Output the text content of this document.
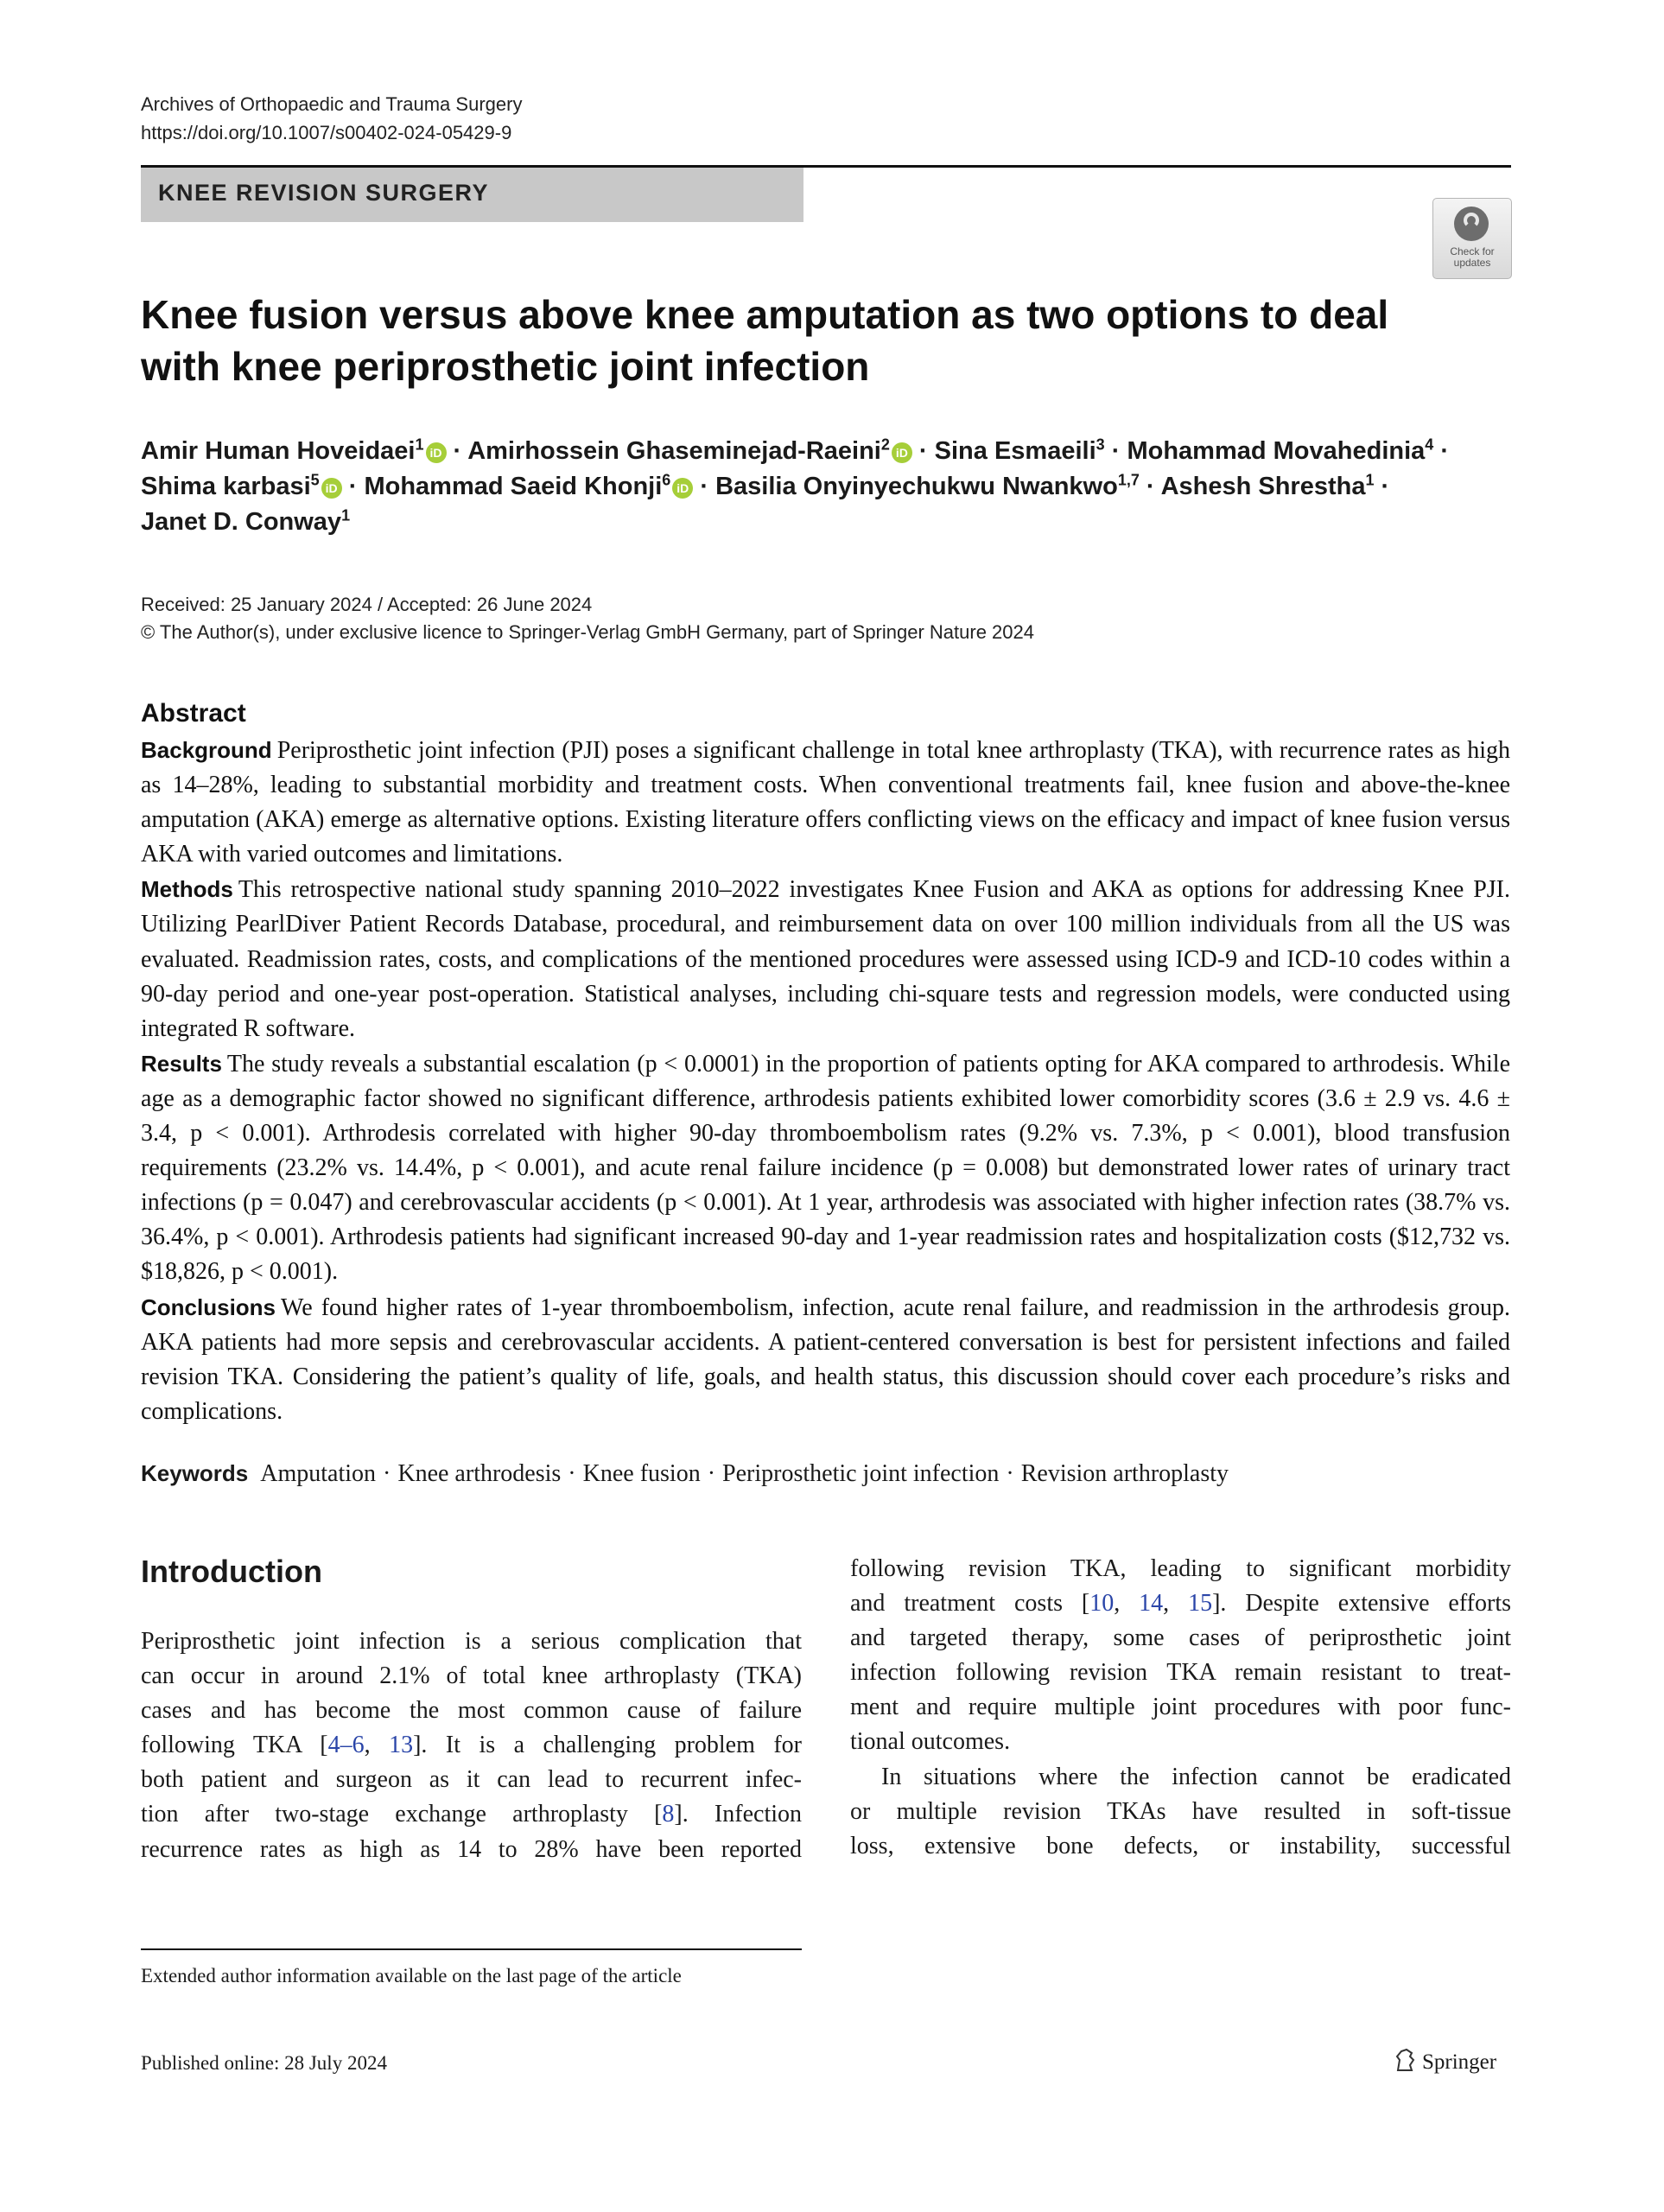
Archives of Orthopaedic and Trauma Surgery
https://doi.org/10.1007/s00402-024-05429-9
KNEE REVISION SURGERY
Check for
updates
Knee fusion versus above knee amputation as two options to deal
with knee periprosthetic joint infection
Amir Human Hoveidaei$^1$ iD · Amirhossein Ghaseminejad-Raeini$^2$ iD · Sina Esmaeili$^3$ · Mohammad Movahedinia$^4$ ·
Shima karbasi$^5$ iD · Mohammad Saeid Khonji$^6$ iD · Basilia Onyinyechukwu Nwankwo$^{1,7}$ · Ashesh Shrestha$^1$ ·
Janet D. Conway$^1$
Received: 25 January 2024 / Accepted: 26 June 2024
© The Author(s), under exclusive licence to Springer-Verlag GmbH Germany, part of Springer Nature 2024
Abstract

Background Periprosthetic joint infection (PJI) poses a significant challenge in total knee arthroplasty (TKA), with recurrence rates as high as 14–28%, leading to substantial morbidity and treatment costs. When conventional treatments fail, knee fusion and above-the-knee amputation (AKA) emerge as alternative options. Existing literature offers conflicting views on the efficacy and impact of knee fusion versus AKA with varied outcomes and limitations.

Methods This retrospective national study spanning 2010–2022 investigates Knee Fusion and AKA as options for addressing Knee PJI. Utilizing PearlDiver Patient Records Database, procedural, and reimbursement data on over 100 million individuals from all the US was evaluated. Readmission rates, costs, and complications of the mentioned procedures were assessed using ICD-9 and ICD-10 codes within a 90-day period and one-year post-operation. Statistical analyses, including chi-square tests and regression models, were conducted using integrated R software.

Results The study reveals a substantial escalation (p < 0.0001) in the proportion of patients opting for AKA compared to arthrodesis. While age as a demographic factor showed no significant difference, arthrodesis patients exhibited lower comorbidity scores (3.6 ± 2.9 vs. 4.6 ± 3.4, p < 0.001). Arthrodesis correlated with higher 90-day thromboembolism rates (9.2% vs. 7.3%, p < 0.001), blood transfusion requirements (23.2% vs. 14.4%, p < 0.001), and acute renal failure incidence (p = 0.008) but demonstrated lower rates of urinary tract infections (p = 0.047) and cerebrovascular accidents (p < 0.001). At 1 year, arthrodesis was associated with higher infection rates (38.7% vs. 36.4%, p < 0.001). Arthrodesis patients had significant increased 90-day and 1-year readmission rates and hospitalization costs ($12,732 vs. $18,826, p < 0.001).

Conclusions We found higher rates of 1-year thromboembolism, infection, acute renal failure, and readmission in the arthrodesis group. AKA patients had more sepsis and cerebrovascular accidents. A patient-centered conversation is best for persistent infections and failed revision TKA. Considering the patient’s quality of life, goals, and health status, this discussion should cover each procedure’s risks and complications.

Keywords Amputation · Knee arthrodesis · Knee fusion · Periprosthetic joint infection · Revision arthroplasty
Introduction
Periprosthetic joint infection is a serious complication that
can occur in around 2.1% of total knee arthroplasty (TKA)
cases and has become the most common cause of failure
following TKA [4–6, 13]. It is a challenging problem for
both patient and surgeon as it can lead to recurrent infec-
tion after two-stage exchange arthroplasty [8]. Infection
recurrence rates as high as 14 to 28% have been reported
following revision TKA, leading to significant morbidity
and treatment costs [10, 14, 15]. Despite extensive efforts
and targeted therapy, some cases of periprosthetic joint
infection following revision TKA remain resistant to treat-
ment and require multiple joint procedures with poor func-
tional outcomes.
In situations where the infection cannot be eradicated
or multiple revision TKAs have resulted in soft-tissue
loss, extensive bone defects, or instability, successful
Extended author information available on the last page of the article
Published online: 28 July 2024	Springer
